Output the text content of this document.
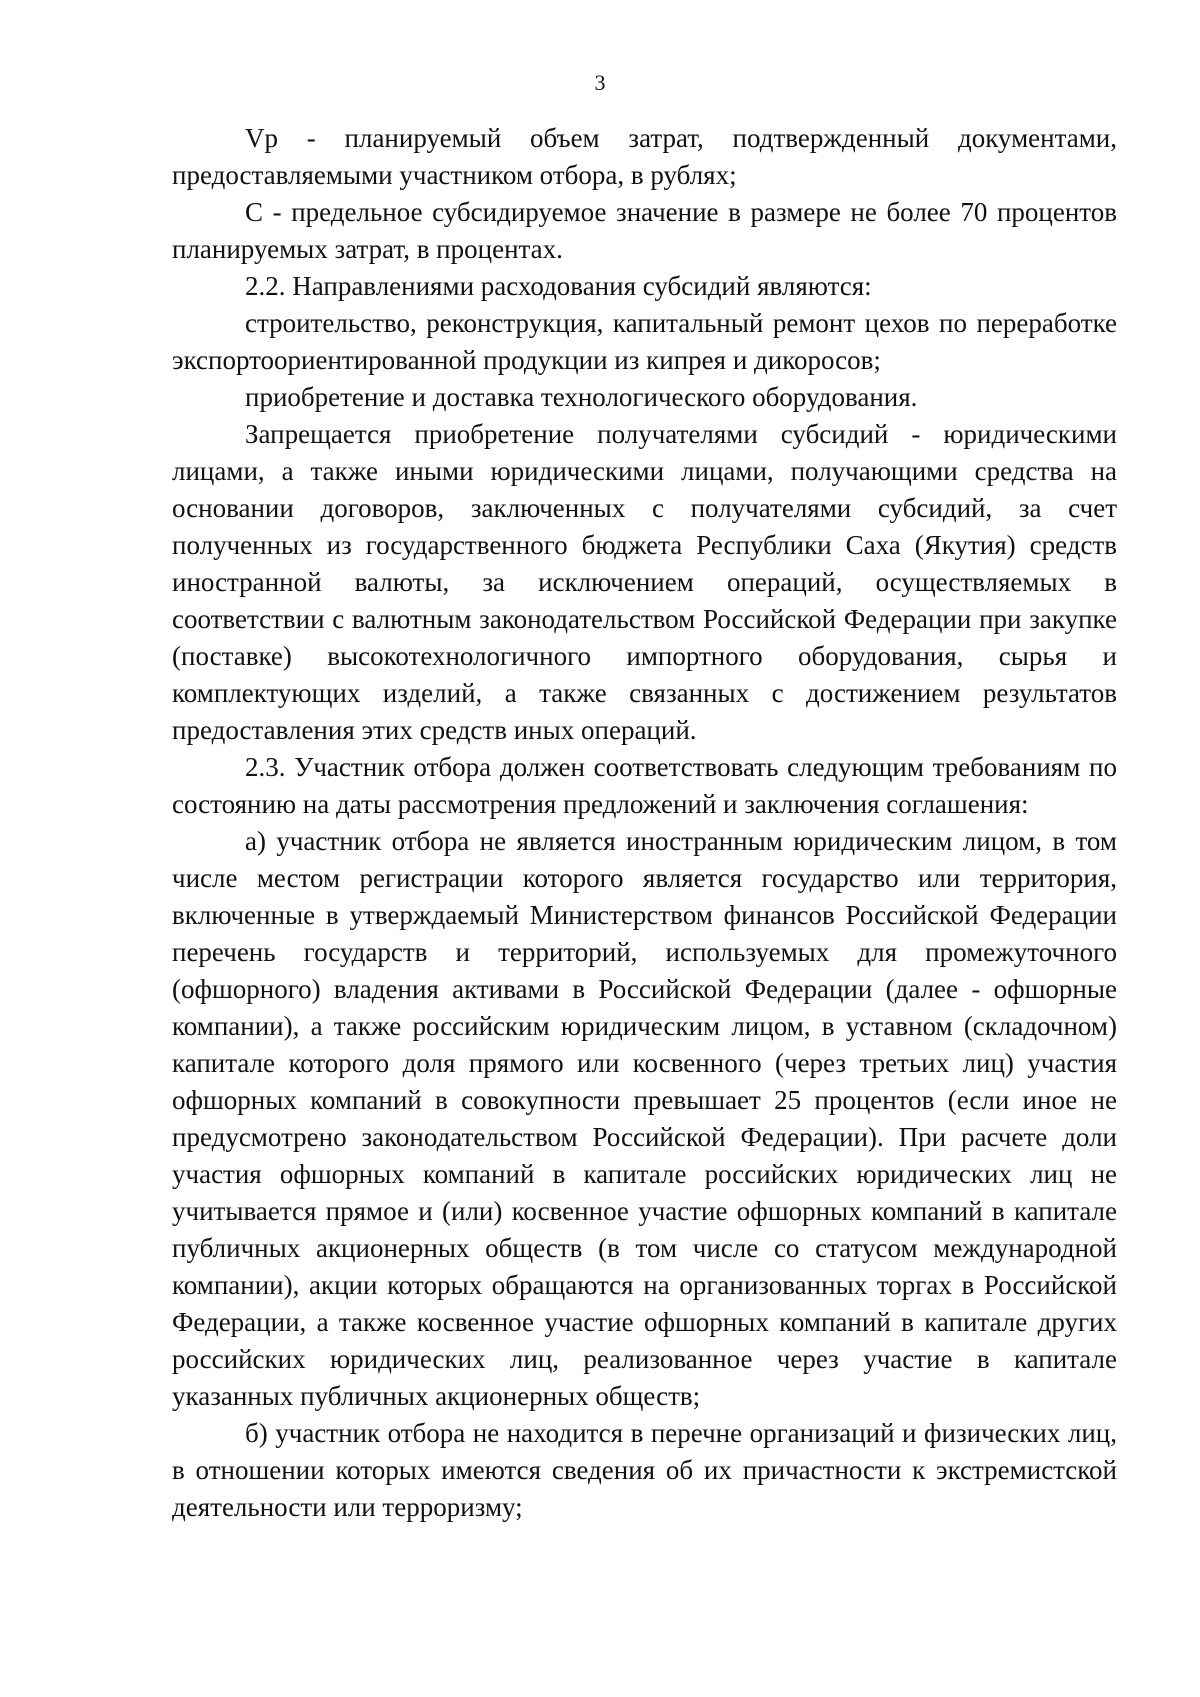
3

Vp - планируемый объем затрат, подтвержденный документами, предоставляемыми участником отбора, в рублях;

С - предельное субсидируемое значение в размере не более 70 процентов планируемых затрат, в процентах.

2.2. Направлениями расходования субсидий являются:

строительство, реконструкция, капитальный ремонт цехов по переработке экспортоориентированной продукции из кипрея и дикоросов;

приобретение и доставка технологического оборудования.

Запрещается приобретение получателями субсидий - юридическими лицами, а также иными юридическими лицами, получающими средства на основании договоров, заключенных с получателями субсидий, за счет полученных из государственного бюджета Республики Саха (Якутия) средств иностранной валюты, за исключением операций, осуществляемых в соответствии с валютным законодательством Российской Федерации при закупке (поставке) высокотехнологичного импортного оборудования, сырья и комплектующих изделий, а также связанных с достижением результатов предоставления этих средств иных операций.

2.3. Участник отбора должен соответствовать следующим требованиям по состоянию на даты рассмотрения предложений и заключения соглашения:

а) участник отбора не является иностранным юридическим лицом, в том числе местом регистрации которого является государство или территория, включенные в утверждаемый Министерством финансов Российской Федерации перечень государств и территорий, используемых для промежуточного (офшорного) владения активами в Российской Федерации (далее - офшорные компании), а также российским юридическим лицом, в уставном (складочном) капитале которого доля прямого или косвенного (через третьих лиц) участия офшорных компаний в совокупности превышает 25 процентов (если иное не предусмотрено законодательством Российской Федерации). При расчете доли участия офшорных компаний в капитале российских юридических лиц не учитывается прямое и (или) косвенное участие офшорных компаний в капитале публичных акционерных обществ (в том числе со статусом международной компании), акции которых обращаются на организованных торгах в Российской Федерации, а также косвенное участие офшорных компаний в капитале других российских юридических лиц, реализованное через участие в капитале указанных публичных акционерных обществ;

б) участник отбора не находится в перечне организаций и физических лиц, в отношении которых имеются сведения об их причастности к экстремистской деятельности или терроризму;
